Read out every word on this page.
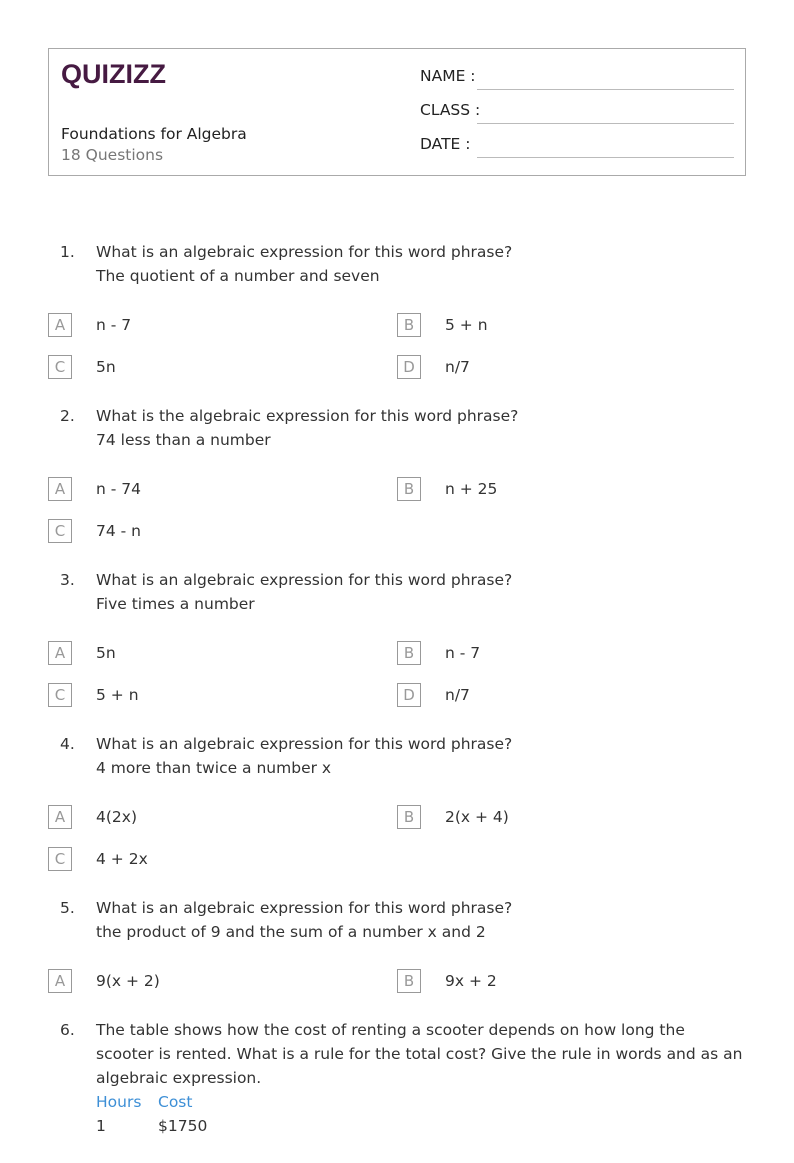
QUIZIZZ
Foundations for Algebra
18 Questions
NAME :
CLASS :
DATE :
1. What is an algebraic expression for this word phrase?
The quotient of a number and seven
A	n - 7	B	5 + n
C	5n	D	n/7
2. What is the algebraic expression for this word phrase?
74 less than a number
A	n - 74	B	n + 25
C	74 - n
3. What is an algebraic expression for this word phrase?
Five times a number
A	5n	B	n - 7
C	5 + n	D	n/7
4. What is an algebraic expression for this word phrase?
4 more than twice a number x
A	4(2x)	B	2(x + 4)
C	4 + 2x
5. What is an algebraic expression for this word phrase?
the product of 9 and the sum of a number x and 2
A	9(x + 2)	B	9x + 2
6. The table shows how the cost of renting a scooter depends on how long the scooter is rented. What is a rule for the total cost? Give the rule in words and as an algebraic expression.
Hours Cost
1	$1750
